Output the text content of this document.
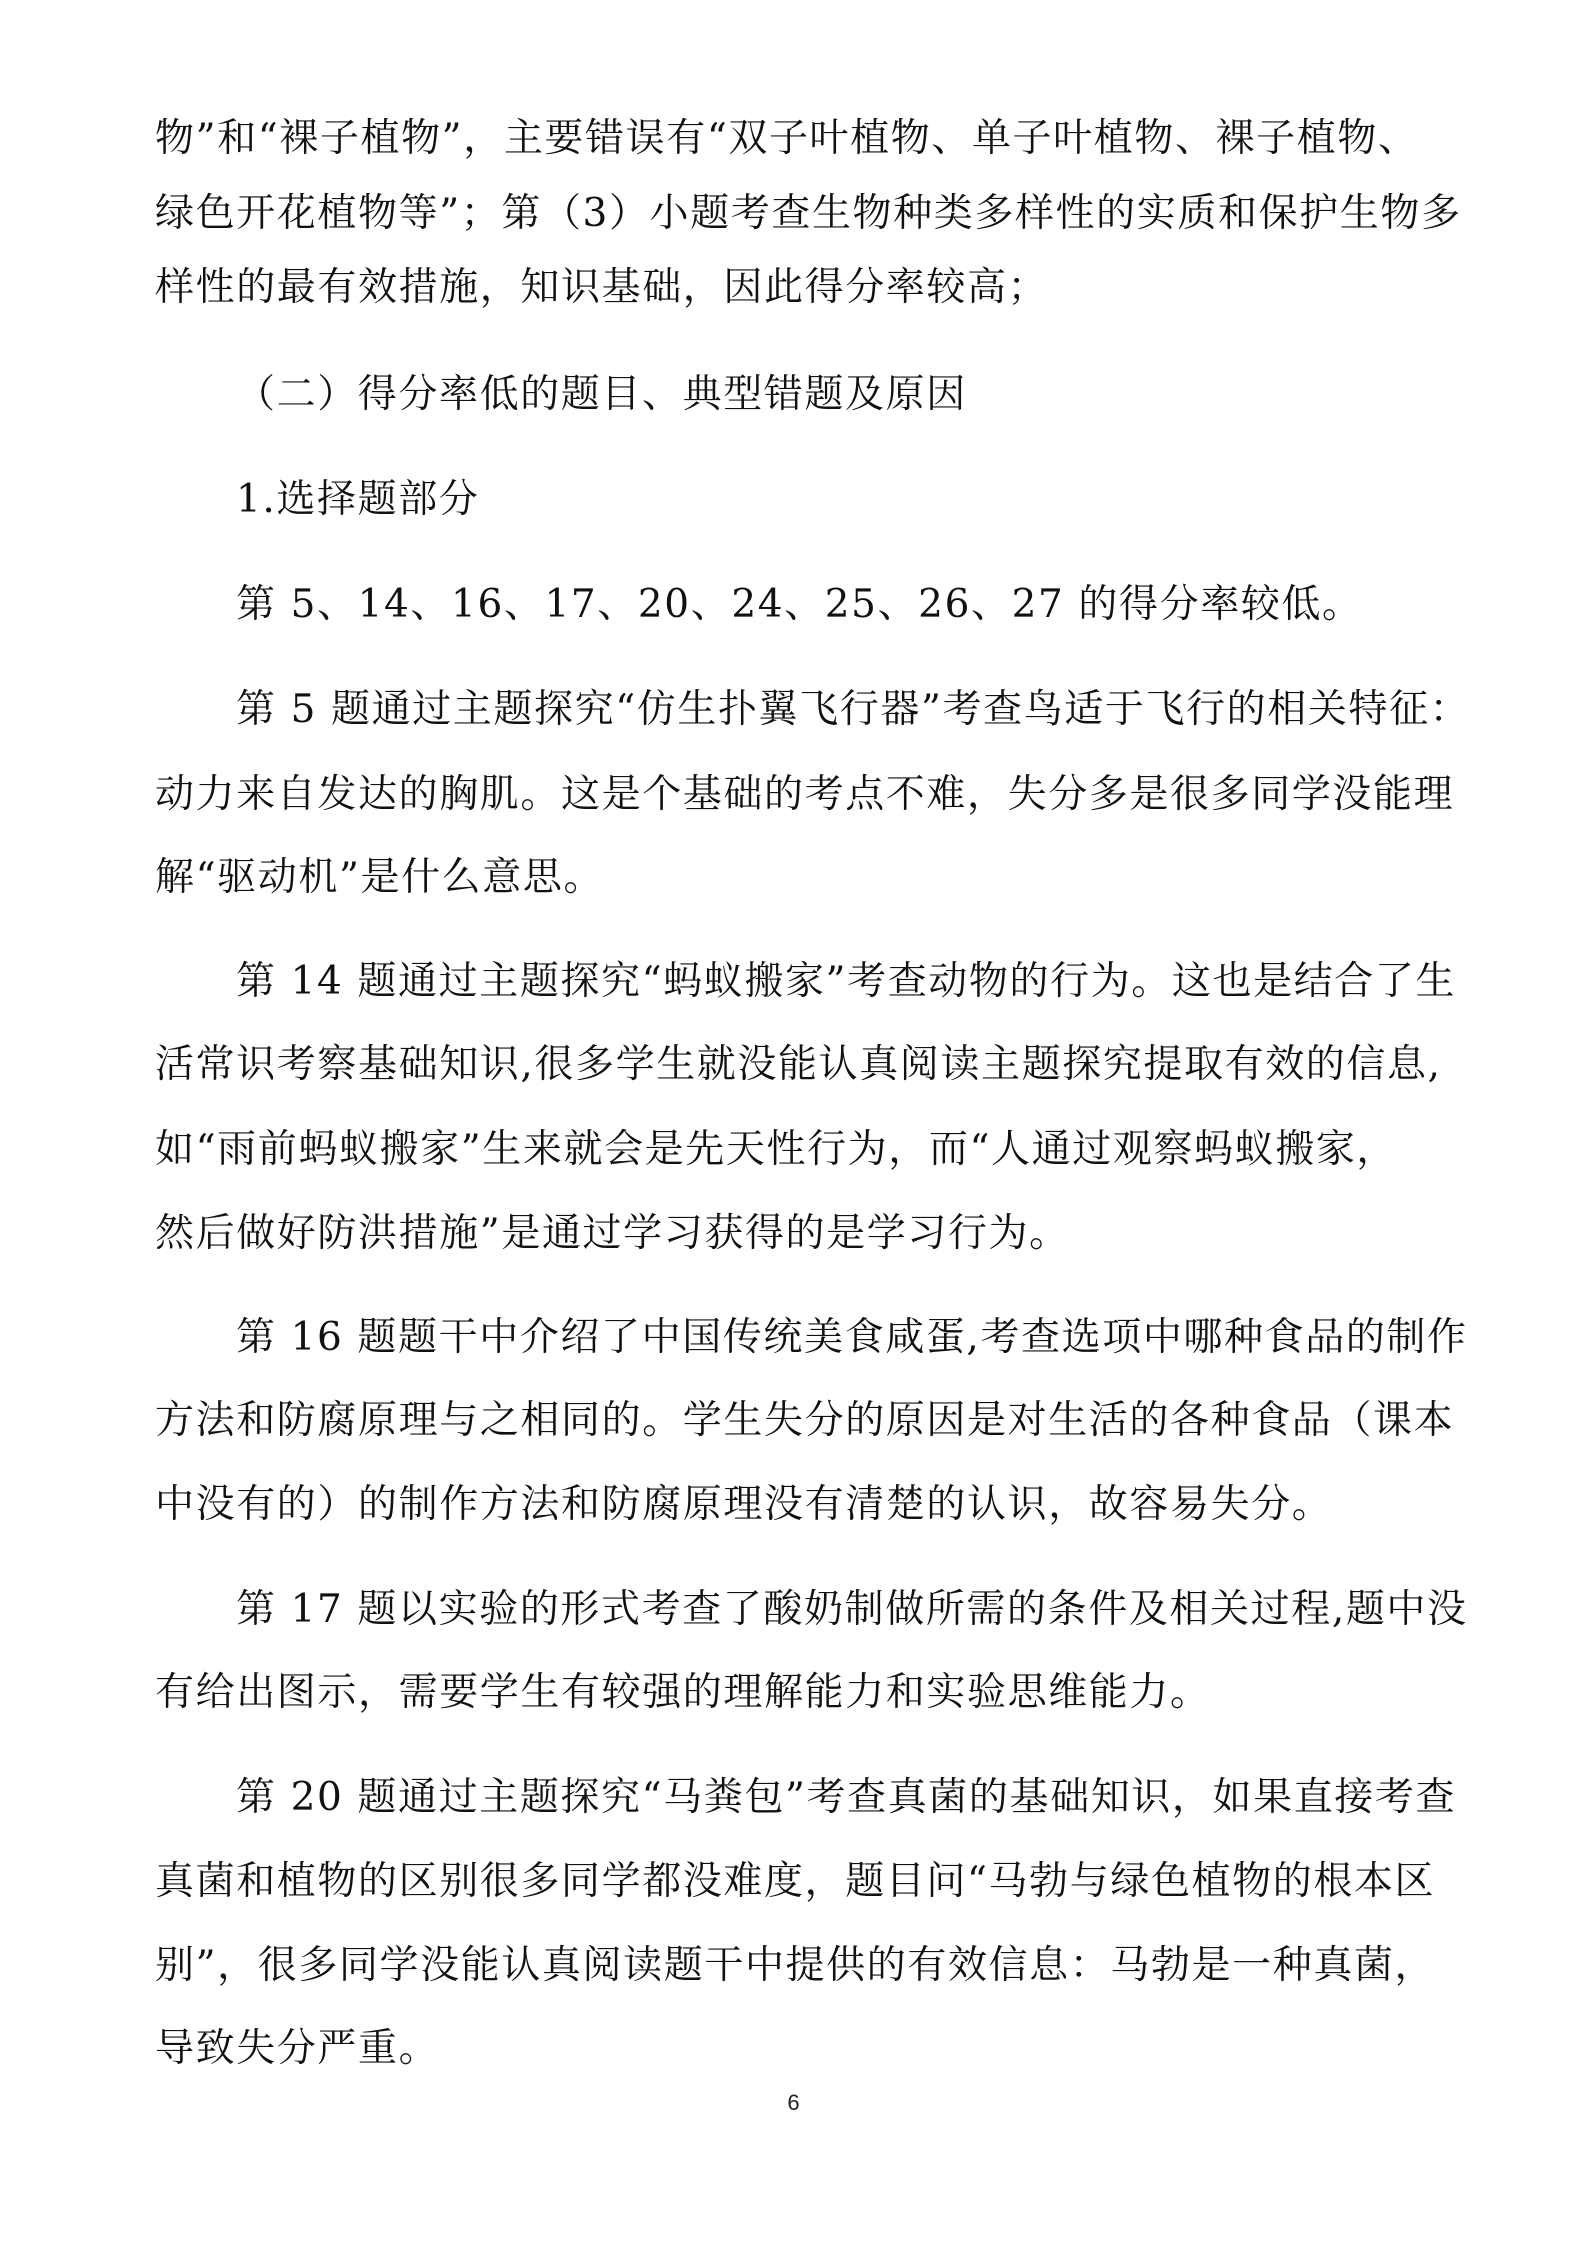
物”和“裸子植物”，主要错误有“双子叶植物、单子叶植物、裸子植物、
绿色开花植物等”；第（3）小题考查生物种类多样性的实质和保护生物多
样性的最有效措施，知识基础，因此得分率较高；
（二）得分率低的题目、典型错题及原因
1.选择题部分
第 5、14、16、17、20、24、25、26、27 的得分率较低。
第 5 题通过主题探究“仿生扑翼飞行器”考查鸟适于飞行的相关特征：
动力来自发达的胸肌。这是个基础的考点不难，失分多是很多同学没能理
解“驱动机”是什么意思。
第 14 题通过主题探究“蚂蚁搬家”考查动物的行为。这也是结合了生
活常识考察基础知识,很多学生就没能认真阅读主题探究提取有效的信息,
如“雨前蚂蚁搬家”生来就会是先天性行为，而“人通过观察蚂蚁搬家，
然后做好防洪措施”是通过学习获得的是学习行为。
第 16 题题干中介绍了中国传统美食咸蛋,考查选项中哪种食品的制作
方法和防腐原理与之相同的。学生失分的原因是对生活的各种食品（课本
中没有的）的制作方法和防腐原理没有清楚的认识，故容易失分。
第 17 题以实验的形式考查了酸奶制做所需的条件及相关过程,题中没
有给出图示，需要学生有较强的理解能力和实验思维能力。
第 20 题通过主题探究“马粪包”考查真菌的基础知识，如果直接考查
真菌和植物的区别很多同学都没难度，题目问“马勃与绿色植物的根本区
别”，很多同学没能认真阅读题干中提供的有效信息：马勃是一种真菌，
导致失分严重。
6
